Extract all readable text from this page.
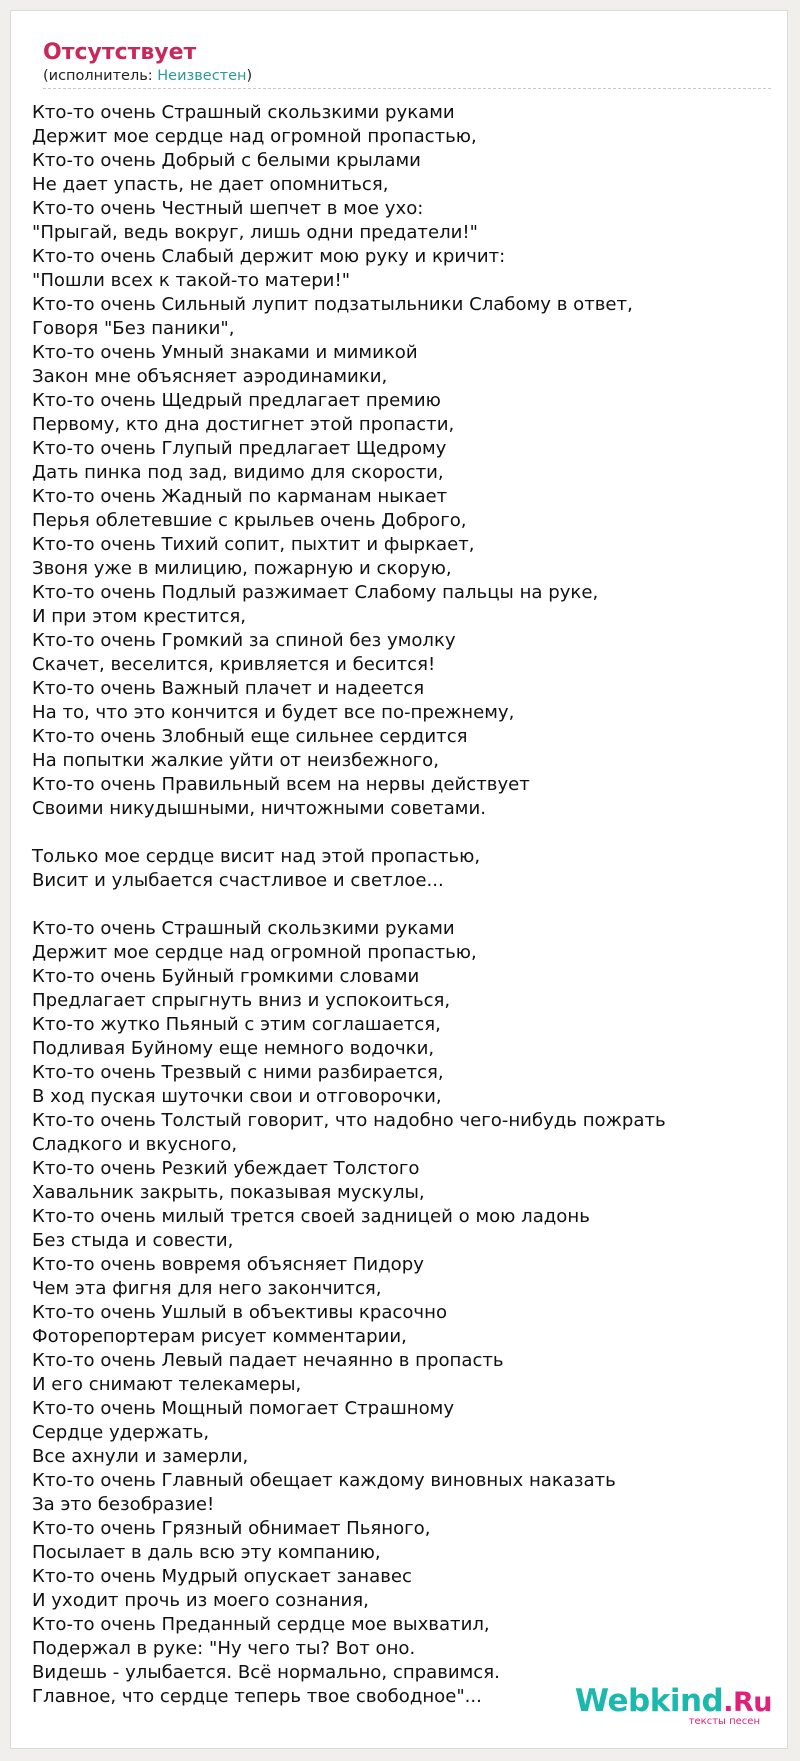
Отсутствует
(исполнитель: Неизвестен)
Кто-то очень Страшный скользкими руками
Держит мое сердце над огромной пропастью,
Кто-то очень Добрый с белыми крылами
Не дает упасть, не дает опомниться,
Кто-то очень Честный шепчет в мое ухо:
"Прыгай, ведь вокруг, лишь одни предатели!"
Кто-то очень Слабый держит мою руку и кричит:
"Пошли всех к такой-то матери!"
Кто-то очень Сильный лупит подзатыльники Слабому в ответ,
Говоря "Без паники",
Кто-то очень Умный знаками и мимикой
Закон мне объясняет аэродинамики,
Кто-то очень Щедрый предлагает премию
Первому, кто дна достигнет этой пропасти,
Кто-то очень Глупый предлагает Щедрому
Дать пинка под зад, видимо для скорости,
Кто-то очень Жадный по карманам ныкает
Перья облетевшие с крыльев очень Доброго,
Кто-то очень Тихий сопит, пыхтит и фыркает,
Звоня уже в милицию, пожарную и скорую,
Кто-то очень Подлый разжимает Слабому пальцы на руке,
И при этом крестится,
Кто-то очень Громкий за спиной без умолку
Скачет, веселится, кривляется и бесится!
Кто-то очень Важный плачет и надеется
На то, что это кончится и будет все по-прежнему,
Кто-то очень Злобный еще сильнее сердится
На попытки жалкие уйти от неизбежного,
Кто-то очень Правильный всем на нервы действует
Своими никудышными, ничтожными советами.
Только мое сердце висит над этой пропастью,
Висит и улыбается счастливое и светлое...
Кто-то очень Страшный скользкими руками
Держит мое сердце над огромной пропастью,
Кто-то очень Буйный громкими словами
Предлагает спрыгнуть вниз и успокоиться,
Кто-то жутко Пьяный с этим соглашается,
Подливая Буйному еще немного водочки,
Кто-то очень Трезвый с ними разбирается,
В ход пуская шуточки свои и отговорочки,
Кто-то очень Толстый говорит, что надобно чего-нибудь пожрать
Сладкого и вкусного,
Кто-то очень Резкий убеждает Толстого
Хавальник закрыть, показывая мускулы,
Кто-то очень милый трется своей задницей о мою ладонь
Без стыда и совести,
Кто-то очень вовремя объясняет Пидору
Чем эта фигня для него закончится,
Кто-то очень Ушлый в объективы красочно
Фоторепортерам рисует комментарии,
Кто-то очень Левый падает нечаянно в пропасть
И его снимают телекамеры,
Кто-то очень Мощный помогает Страшному
Сердце удержать,
Все ахнули и замерли,
Кто-то очень Главный обещает каждому виновных наказать
За это безобразие!
Кто-то очень Грязный обнимает Пьяного,
Посылает в даль всю эту компанию,
Кто-то очень Мудрый опускает занавес
И уходит прочь из моего сознания,
Кто-то очень Преданный сердце мое выхватил,
Подержал в руке: "Ну чего ты? Вот оно.
Видешь - улыбается. Всё нормально, справимся.
Главное, что сердце теперь твое свободное"...	Webkind.Ru
тексты песен
